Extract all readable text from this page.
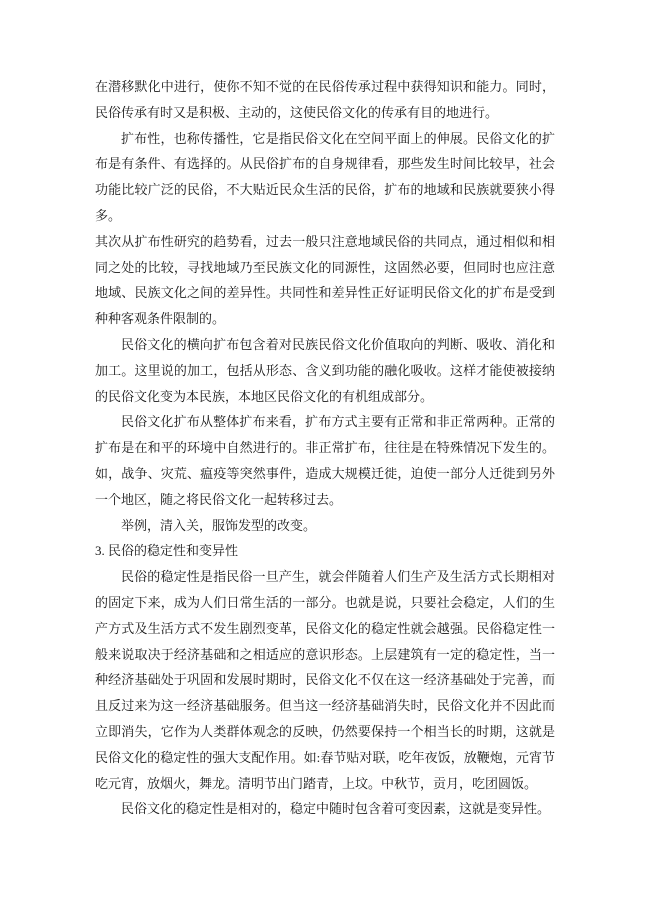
在潜移默化中进行，使你不知不觉的在民俗传承过程中获得知识和能力。同时，民俗传承有时又是积极、主动的，这使民俗文化的传承有目的地进行。

扩布性，也称传播性，它是指民俗文化在空间平面上的伸展。民俗文化的扩布是有条件、有选择的。从民俗扩布的自身规律看，那些发生时间比较早，社会功能比较广泛的民俗，不大贴近民众生活的民俗，扩布的地域和民族就要狭小得多。

其次从扩布性研究的趋势看，过去一般只注意地域民俗的共同点，通过相似和相同之处的比较，寻找地域乃至民族文化的同源性，这固然必要，但同时也应注意地域、民族文化之间的差异性。共同性和差异性正好证明民俗文化的扩布是受到种种客观条件限制的。

民俗文化的横向扩布包含着对民族民俗文化价值取向的判断、吸收、消化和加工。这里说的加工，包括从形态、含义到功能的融化吸收。这样才能使被接纳的民俗文化变为本民族，本地区民俗文化的有机组成部分。

民俗文化扩布从整体扩布来看，扩布方式主要有正常和非正常两种。正常的扩布是在和平的环境中自然进行的。非正常扩布，往往是在特殊情况下发生的。如，战争、灾荒、瘟疫等突然事件，造成大规模迁徙，迫使一部分人迁徙到另外一个地区，随之将民俗文化一起转移过去。

举例，清入关，服饰发型的改变。

3. 民俗的稳定性和变异性

民俗的稳定性是指民俗一旦产生，就会伴随着人们生产及生活方式长期相对的固定下来，成为人们日常生活的一部分。也就是说，只要社会稳定，人们的生产方式及生活方式不发生剧烈变革，民俗文化的稳定性就会越强。民俗稳定性一般来说取决于经济基础和之相适应的意识形态。上层建筑有一定的稳定性，当一种经济基础处于巩固和发展时期时，民俗文化不仅在这一经济基础处于完善，而且反过来为这一经济基础服务。但当这一经济基础消失时，民俗文化并不因此而立即消失，它作为人类群体观念的反映，仍然要保持一个相当长的时期，这就是民俗文化的稳定性的强大支配作用。如:春节贴对联，吃年夜饭，放鞭炮，元宵节吃元宵，放烟火，舞龙。清明节出门踏青，上坟。中秋节，贡月，吃团圆饭。

民俗文化的稳定性是相对的，稳定中随时包含着可变因素，这就是变异性。
